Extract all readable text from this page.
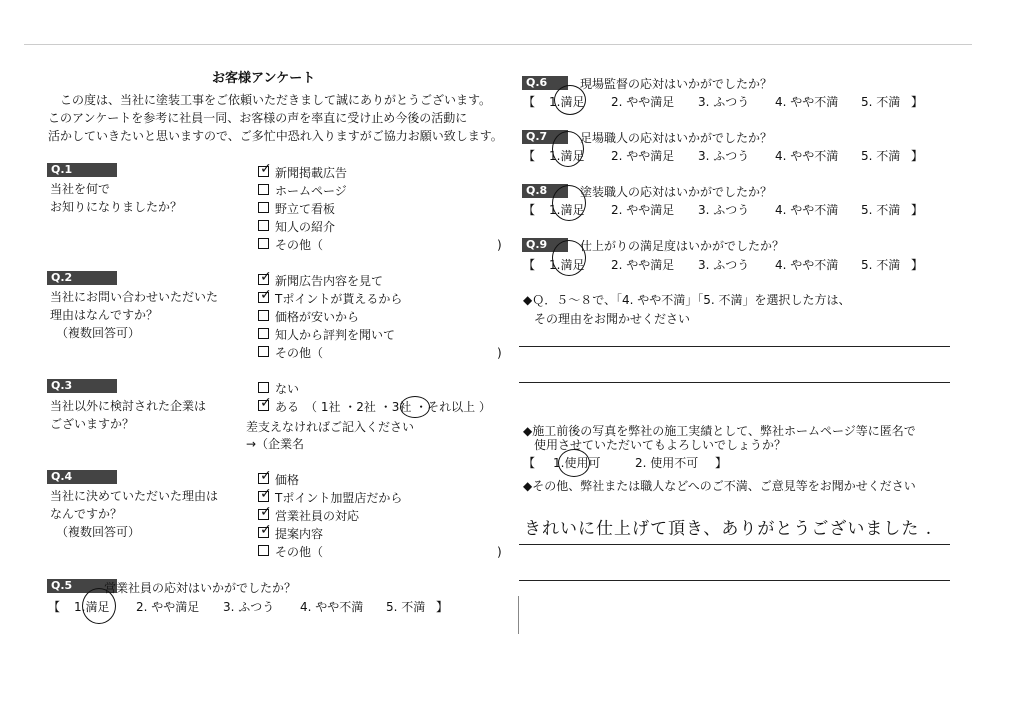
お客様アンケート
　この度は、当社に塗装工事をご依頼いただきまして誠にありがとうございます。
このアンケートを参考に社員一同、お客様の声を率直に受け止め今後の活動に
活かしていきたいと思いますので、ご多忙中恐れ入りますがご協力お願い致します。
Q.1
当社を何で
お知りになりましたか？
✓ 新聞掲載広告
ホームページ
野立て看板
知人の紹介
その他（	)
Q.2
当社にお問い合わせいただいた
理由はなんですか？
（複数回答可）
✓ 新聞広告内容を見て
✓ Tポイントが貰えるから
価格が安いから
知人から評判を聞いて
その他（	)
Q.3
当社以外に検討された企業は
ございますか？
ない
✓ ある　（ 1社 ・2社 ・3社 ・それ以上 ）
差支えなければご記入ください
→（企業名
Q.4
当社に決めていただいた理由は
なんですか？
（複数回答可）
✓ 価格
✓ Tポイント加盟店だから
✓ 営業社員の対応
✓ 提案内容
その他（	)
Q.5	営業社員の応対はいかがでしたか？
【 1.満足 2. やや満足 3. ふつう 4. やや不満 5. 不満 】
Q.6	現場監督の応対はいかがでしたか？
【 1.満足 2. やや満足 3. ふつう 4. やや不満 5. 不満 】
Q.7	足場職人の応対はいかがでしたか？
【 1.満足 2. やや満足 3. ふつう 4. やや不満 5. 不満 】
Q.8	塗装職人の応対はいかがでしたか？
【 1.満足 2. やや満足 3. ふつう 4. やや不満 5. 不満 】
Q.9	仕上がりの満足度はいかがでしたか？
【 1.満足 2. やや満足 3. ふつう 4. やや不満 5. 不満 】
◆Ｑ．５～８で、「4. やや不満」「5. 不満」を選択した方は、
その理由をお聞かせください
◆施工前後の写真を弊社の施工実績として、弊社ホームページ等に匿名で
使用させていただいてもよろしいでしょうか？
【 1.使用可	2. 使用不可 】
◆その他、弊社または職人などへのご不満、ご意見等をお聞かせください
きれいに仕上げて頂き、ありがとうございました .
